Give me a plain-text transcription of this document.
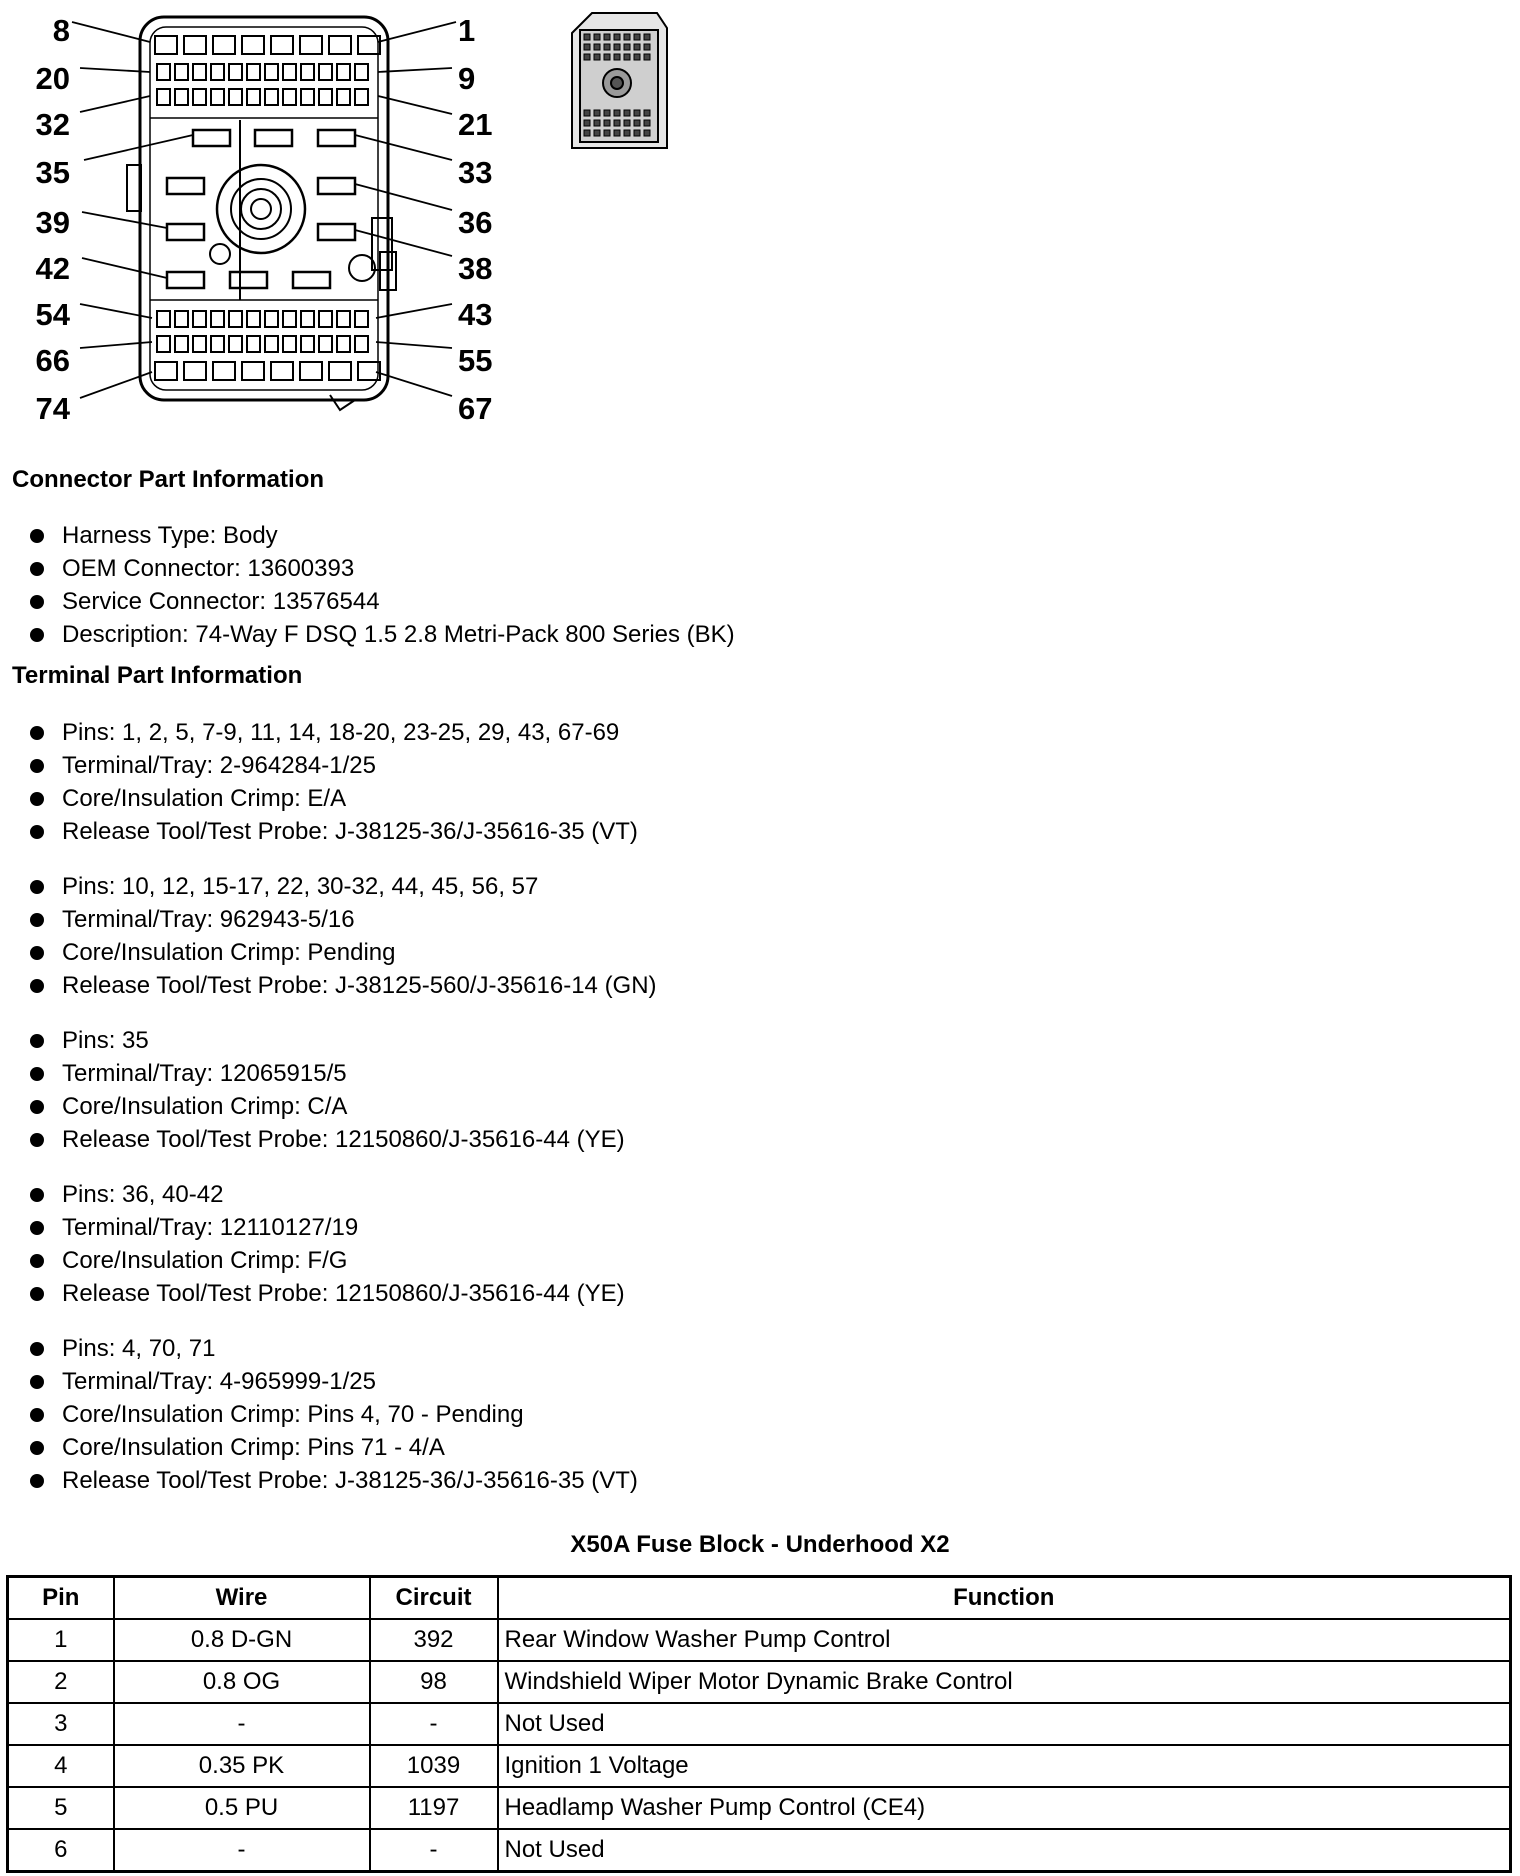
8
20
32
35
39
42
54
66
74
1
9
21
33
36
38
43
55
67
Connector Part Information
Harness Type: Body
OEM Connector: 13600393
Service Connector: 13576544
Description: 74-Way F DSQ 1.5 2.8 Metri-Pack 800 Series (BK)
Terminal Part Information
Pins: 1, 2, 5, 7-9, 11, 14, 18-20, 23-25, 29, 43, 67-69
Terminal/Tray: 2-964284-1/25
Core/Insulation Crimp: E/A
Release Tool/Test Probe: J-38125-36/J-35616-35 (VT)
Pins: 10, 12, 15-17, 22, 30-32, 44, 45, 56, 57
Terminal/Tray: 962943-5/16
Core/Insulation Crimp: Pending
Release Tool/Test Probe: J-38125-560/J-35616-14 (GN)
Pins: 35
Terminal/Tray: 12065915/5
Core/Insulation Crimp: C/A
Release Tool/Test Probe: 12150860/J-35616-44 (YE)
Pins: 36, 40-42
Terminal/Tray: 12110127/19
Core/Insulation Crimp: F/G
Release Tool/Test Probe: 12150860/J-35616-44 (YE)
Pins: 4, 70, 71
Terminal/Tray: 4-965999-1/25
Core/Insulation Crimp: Pins 4, 70 - Pending
Core/Insulation Crimp: Pins 71 - 4/A
Release Tool/Test Probe: J-38125-36/J-35616-35 (VT)
X50A Fuse Block - Underhood X2
Pin	Wire	Circuit	Function
1	0.8 D-GN	392	Rear Window Washer Pump Control
2	0.8 OG	98	Windshield Wiper Motor Dynamic Brake Control
3	-	-	Not Used
4	0.35 PK	1039	Ignition 1 Voltage
5	0.5 PU	1197	Headlamp Washer Pump Control (CE4)
6	-	-	Not Used
